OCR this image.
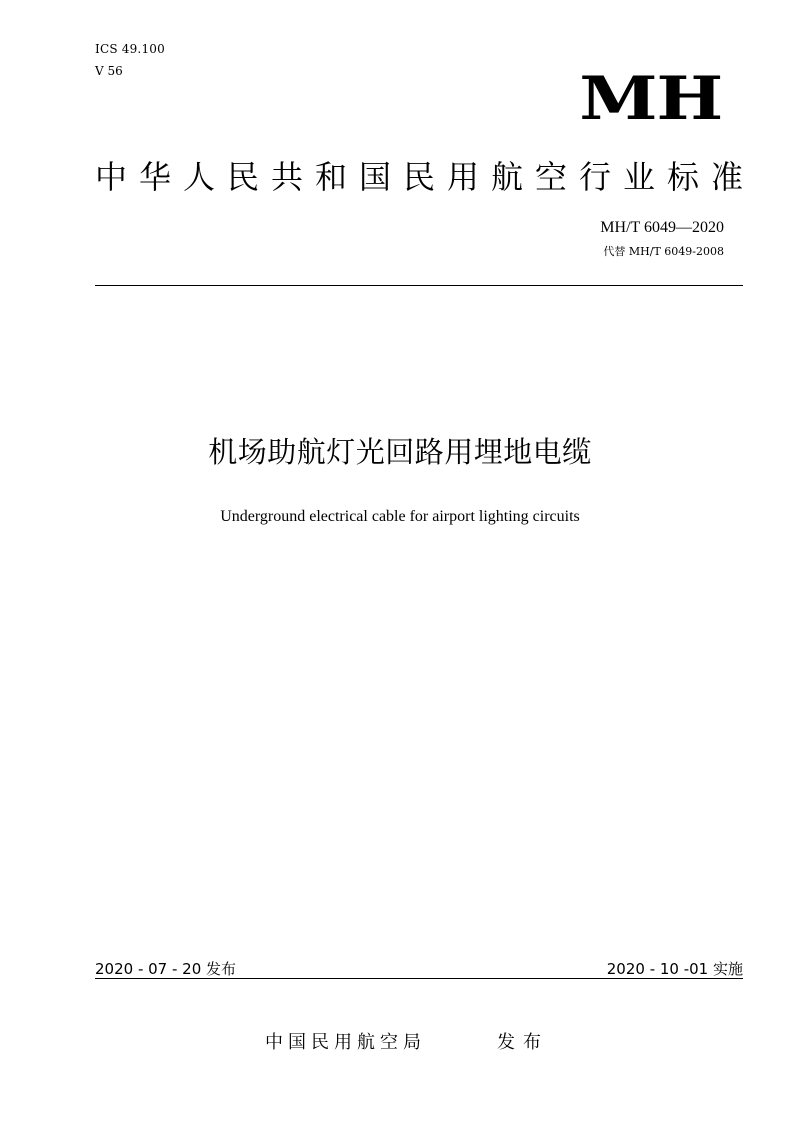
ICS 49.100
V 56	MH
中华人民共和国民用航空行业标准
MH/T 6049—2020
代替 MH/T 6049-2008
机场助航灯光回路用埋地电缆
Underground electrical cable for airport lighting circuits
2020 - 07 - 20 发布	2020 - 10 -01 实施
中国民用航空局	发布
